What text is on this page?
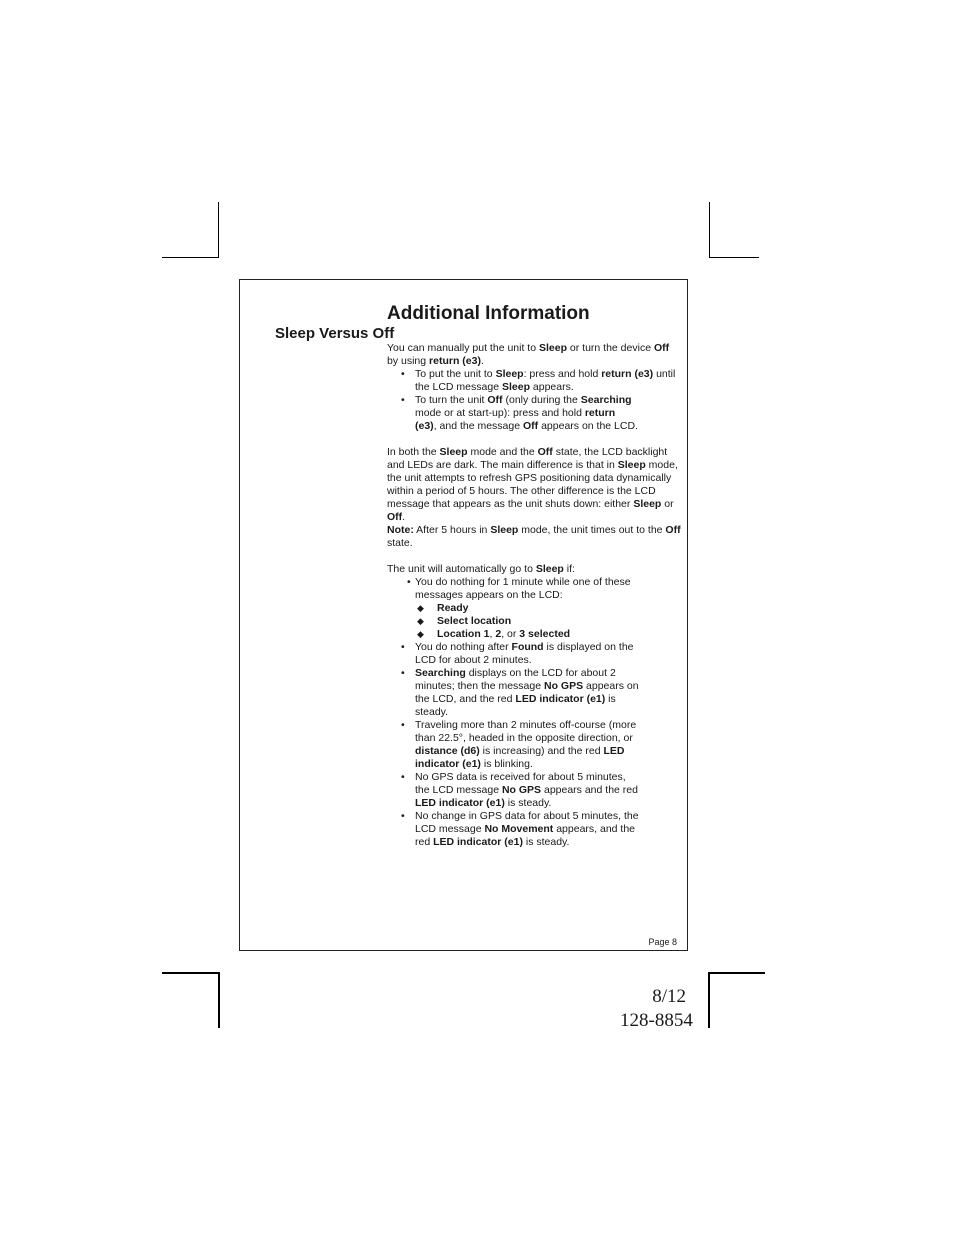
Page 8
Additional Information
Sleep Versus Off

You can manually put the unit to Sleep or turn the device Off
by using return (e3).

• To put the unit to Sleep: press and hold return (e3) until the LCD message Sleep appears.
• To turn the unit Off (only during the Searching mode or at start-up): press and hold return (e3), and the message Off appears on the LCD.

In both the Sleep mode and the Off state, the LCD backlight and LEDs are dark. The main difference is that in Sleep mode, the unit attempts to refresh GPS positioning data dynamically within a period of 5 hours. The other difference is the LCD message that appears as the unit shuts down: either Sleep or Off.

Note: After 5 hours in Sleep mode, the unit times out to the Off state.

The unit will automatically go to Sleep if:

• You do nothing for 1 minute while one of these messages appears on the LCD:
◆ Ready
◆ Select location
◆ Location 1, 2, or 3 selected
• You do nothing after Found is displayed on the LCD for about 2 minutes.
• Searching displays on the LCD for about 2 minutes; then the message No GPS appears on the LCD, and the red LED indicator (e1) is steady.
• Traveling more than 2 minutes off-course (more than 22.5°, headed in the opposite direction, or distance (d6) is increasing) and the red LED indicator (e1) is blinking.
• No GPS data is received for about 5 minutes, the LCD message No GPS appears and the red LED indicator (e1) is steady.
• No change in GPS data for about 5 minutes, the LCD message No Movement appears, and the red LED indicator (e1) is steady.
8/12
128-8854
